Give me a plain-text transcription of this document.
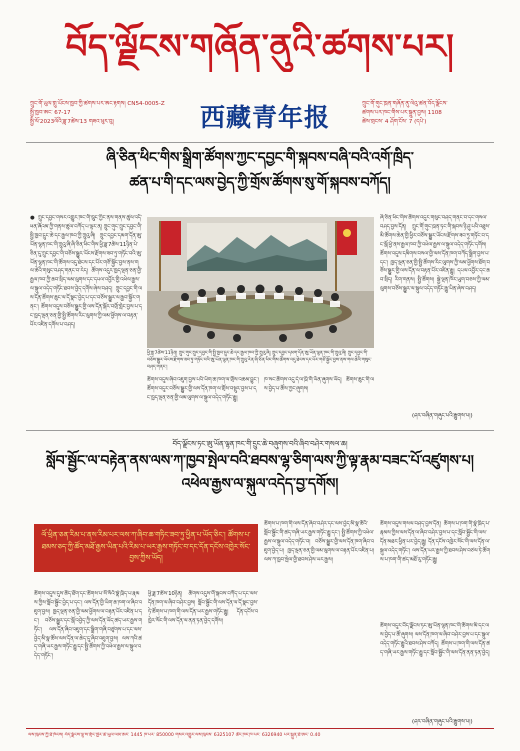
བོད་ལྗོངས་གཞོན་ནུའི་ཚགས་པར།
ཀྲུང་གོ་ཡུལ་གྲུ་ཡོངས་ཁྱབ་ཀྱི་ཚགས་པར་ཨང་རྟགས། CN54-0005-Z
སྤྱི་ཁྱབ་ཨང་ 67-17
སྤྱི་ལོ་2023ལོའི་ཟླ་7ཚེས་13 གཟའ་ཕུར་བུ།	西藏青年报	ཀྲུང་གོ་གུང་ཁྲན་གཞོན་ནུ་ལེའུ་ཚན་བོད་ལྗོངས་
ཚགས་པར་ཁང་གིས་པར་སྐྲུན་བྱས། 1108
ཚེས་གྲངས་ 4 ཤོག་ངོས་ 7 (དཔེ་)
ཞི་ཅིན་ཕིང་གིས་སྒྲིག་ཚོགས་ཀྱང་དབྱང་གི་སྐབས་བཞི་བའི་འགོ་ཁྲིད་
ཚན་པ་གི་དང་ལས་བྱེད་ཀྱི་གྲོས་ཚོགས་སུ་གོ་སྐབས་བཀོད།
● ཀྲུང་དབྱང་གསར་འགྱུར་ཁང་གི་ཁྲུང་ཀྱིང་ནས་གནས་ཚུལ་འདི་ཕན་ཞོའམ་ཀྱི་གནས་ཚུལ་བཀོད་པ་ལྟར་ན། ཀྲུང་གུང་ཀྲུང་དབྱང་གི་སྤྱི་ཁྱབ་དྲུང་ཆེ་དང་རྒྱལ་ཁབ་ཀྱི་ཀྲུའུ་ཞི། ཀྲུང་དབྱང་དམག་དོན་ཨུ་ཡོན་ལྷན་ཁང་གི་ཀྲུའུ་ཞི་ཞི་ཅིན་ཕིང་གིས་ཕྱི་ཟླ་7ཚེས་11ཉིན་པེ་ཅིན་དུ་ཀྲུང་དབྱང་གི་བཅོས་སྒྱུར་ཡོངས་རྫོགས་ཟབ་ཏུ་གཏོང་བའི་ཨུ་ཡོན་ལྷན་ཁང་གི་ཚོགས་འདུ་ཐེངས་དང་པོར་གཙོ་སྐྱོང་བྱས་ནས་གལ་ཆེའི་གསུང་བཤད་གནང་བ་རེད། ཚོགས་འདུར་ཁྱད་ལྡན་ཅན་གྱི་རྒྱལ་ཁབ་ཀྱི་ཆབ་སྲིད་ལམ་ལུགས་དང་དཔལ་འབྱོར་གྱི་འཕེལ་རྒྱས་ལ་སྐུལ་འདེད་གཏོང་ཐབས་བྱེད་དགོས་ཞེས་བཤད། ཀྲུང་དབྱང་གི་ལས་དོན་ཚོགས་ཆུང་ལ་དོ་སྣང་བྱེད་པ་དང་བཅོས་སྒྱུར་ལ་རྒྱབ་སྐྱོར་གནང་། ཚོགས་འདུས་བཅོས་སྒྱུར་གྱི་ལས་དོན་སྐོར་བགྲོ་གླེང་བྱས་པ་དང་ཁྱད་ལྡན་ཅན་གྱི་སྤྱི་ཚོགས་རིང་ལུགས་ཀྱི་ལམ་ཕྱོགས་ལ་བརྟན་པོར་འཛིན་དགོས་པ་བཤད།
ཕྱི་ཟླ་7ཚེས་11ཉིན། ཀྲུང་གུང་ཀྲུང་དབྱང་གི་སྤྱི་ཁྱབ་དྲུང་ཆེ་དང་རྒྱལ་ཁབ་ཀྱི་ཀྲུའུ་ཞི། ཀྲུང་དབྱང་དམག་དོན་ཨུ་ཡོན་ལྷན་ཁང་གི་ཀྲུའུ་ཞི། ཀྲུང་དབྱང་གི་བཅོས་སྒྱུར་ཡོངས་རྫོགས་ཟབ་ཏུ་གཏོང་བའི་ཨུ་ཡོན་ལྷན་ཁང་གི་ཀྲུའུ་རེན་ཞི་ཅིན་ཕིང་གིས་ཚོགས་འདུ་ཐེངས་དང་པོར་གཙོ་སྐྱོང་བྱས་ནས་གལ་ཆེའི་གསུང་བཤད་གནང་།
ཚོགས་འདུས་ཞིབ་འཇུག་བྱས་པའི་ཡིག་ཆ་ཁག་ལ་གྲོས་འཆམ་བྱུང་། ཚོགས་འདུར་བཅོས་སྒྱུར་གྱི་ལས་དོན་ཁག་ལ་གྲོས་བསྡུར་བྱས་པ་དང་ཁྱད་ལྡན་ཅན་གྱི་ལམ་ལུགས་ལ་སྐུལ་འདེད་གཏོང་རྒྱུ།
ཁ་སང་ཚོགས་འདུ་དེ་ལ་ཁྲི་གོ་ཡོན་ཞུགས་ཡོད། ཚོགས་ཆུང་གི་ལས་བྱེད་པ་ཚོས་ཀྱང་ཞུགས།
ཞི་ཅིན་ཕིང་གིས་ཚོགས་འདུར་གསུང་བཤད་གནང་བ་དང་གསལ་བཤད་བྱས་དོན། ཀྲུང་གོ་གུང་ཁྲན་ཏང་གི་སྐབས་ཉི་ཤུ་པའི་འཐུས་མི་ཚོགས་ཆེན་གྱི་ཕྱིར་བཅོས་སྒྱུར་ཡོངས་རྫོགས་ཟབ་ཏུ་གཏོང་བ་དང་སྒོ་ཕྱེ་ནས་རྒྱལ་ཁབ་ཀྱི་འཕེལ་རྒྱས་ལ་སྐུལ་འདེད་གཏོང་དགོས། ཚོགས་འདུས་དམིགས་བསལ་གྱི་ལས་དོན་ཁག་བཀོད་སྒྲིག་བྱས་པ་དང་། ཁྱད་ལྡན་ཅན་གྱི་སྤྱི་ཚོགས་རིང་ལུགས་ཀྱི་ལམ་ཕྱོགས་ཐོག་བཅོས་སྒྱུར་གྱི་ལས་དོན་ལ་བརྟན་པོར་འཛིན་རྒྱུ། དཔལ་འབྱོར་དང་ཆབ་སྲིད། རིག་གནས། སྤྱི་ཚོགས། སྐྱེ་ལྡན་ཁོར་ཡུག་བཅས་ཀྱི་ལམ་ལུགས་བཅོས་སྒྱུར་ལ་སྐུལ་འདེད་གཏོང་རྒྱུ་ཡིན་ཞེས་བཤད།
(ཤར་བཞིན་གཞུང་པའི་རྒྱུགས་པ།)
བོད་ལྗོངས་ཏང་ཨུ་ཡོན་ལྷན་ཁང་གི་དྲུང་ཆེ་བཞུགས་བའི་ཞིབ་བཤེར་གསལ་ཆ།
སློབ་སྦྱོང་ལ་བརྟེན་ནས་ལས་ཀ་ཁྱབ་སྤེལ་བའི་ཐབས་ལྷ་ཅིག་ལས་ཀྱི་ལྟ་རྣམ་བཟང་པོ་འཛུགས་པ།
འཕེལ་རྒྱས་ལ་སྐུལ་འདེད་བྱ་དགོས།
ལོ་ཕྲིན་ཅན་རིམ་པ་ནས་རིམ་པར་ལས་ཀ་ཞིབ་ཆ་གཏིང་ཟབ་ཏུ་ཕྱིན་པ་ཡོད་ཅིང་། ཚོགས་པ་ཐམས་ཅད་ཀྱི་ཚོད་མཐོ་རྒྱས་ཡིན་པའི་རིམ་པ་ཡར་རྒྱས་གཏོང་བ་དང་དོན་དངོས་འཁྱེར་སོང་བྱས་ཀྱིས་ཡོད།
ཚོགས་འདུས་དུས་ཚོད་ཐོག་དང་ཚོགས་པ་སོ་སོའི་སྣེ་ཁྲིད་པ་རྣམས་ཀྱིས་སློབ་སྦྱོང་བྱེད་པ་དང་། ལས་དོན་གྱི་ཡིག་ཆ་ཁག་ལ་ཞིབ་འཇུག་བྱས། ཁྱད་ལྡན་ཅན་གྱི་ལམ་ཕྱོགས་ལ་བརྟན་པོར་འཛིན་པ་དང་། བཅོས་སྒྱུར་དང་སྒོ་འབྱེད་ཀྱི་ལས་དོན་ཡོད་ཚད་ཡར་རྒྱས་གཏོང་། ལས་དོན་ཞིབ་འཇུག་དང་སྒྲིག་གཞི་བཙུགས་པ་དང་ལས་བྱེད་མི་སྣ་ཚོས་ལས་དོན་ལ་ཆེད་དུ་ཞིབ་འཇུག་བྱས། ལས་ཀའི་ཚད་གཞི་ཡར་རྒྱས་གཏོང་རྒྱུ་དང་སྤྱི་ཚོགས་ཀྱི་འཕེལ་རྒྱས་ལ་སྐུལ་འདེད་གཏོང་།
ཕྱི་ཟླ་7ཚེས་10ཉིན། ཚོགས་འདུས་གོ་སྐབས་བཀོད་པ་དང་ལས་དོན་ཁག་ལ་ཞིབ་བཤེར་བྱས། སློབ་སྦྱོང་གི་ལས་དོན་ལ་དོ་སྣང་བྱས་ཏེ་ཚོགས་པ་ཁག་གི་ལས་དོན་ཡར་རྒྱས་གཏོང་རྒྱུ། དོན་དངོས་འཁྱེར་སོང་གི་ལས་དོན་ལ་ནན་ཏན་བྱེད་དགོས།
ཚོགས་པ་ཁག་གི་ལས་དོན་ཞིབ་བཤེར་དང་ལས་བྱེད་མི་སྣ་ཚོའི་སློབ་སྦྱོང་གི་ཚད་གཞི་ཡར་རྒྱས་གཏོང་རྒྱུ་དང་། སྤྱི་ཚོགས་ཀྱི་འཕེལ་རྒྱས་ལ་སྐུལ་འདེད་གཏོང་བ། བཅོས་སྒྱུར་གྱི་ལས་དོན་ཁག་ཞིབ་འཇུག་བྱེད་པ། ཁྱད་ལྡན་ཅན་གྱི་ལམ་ལུགས་ལ་བརྟན་པོར་འཛིན་པ། ལས་ཀ་ཁྱབ་སྤེལ་གྱི་ཐབས་ཤེས་ཡར་རྒྱས།
ཚོགས་འདུས་གསལ་བཤད་བྱས་དོན། ཚོགས་པ་ཁག་གི་སྣེ་ཁྲིད་པ་རྣམས་ཀྱིས་ལས་དོན་ལ་ཞིབ་བཤེར་བྱས་པ་དང་སློབ་སྦྱོང་གི་ལས་དོན་མཐར་ཕྱིན་པར་བྱེད་རྒྱུ། དོན་དངོས་འཁྱེར་སོང་གི་ལས་དོན་ལ་སྐུལ་འདེད་གཏོང་། ལས་དོན་ཡར་རྒྱས་ཀྱི་ཐབས་ཤེས་བཙལ་ཏེ་ཚོགས་པ་ཁག་གི་ཚད་མཐོ་རུ་གཏོང་རྒྱུ།
ཚོགས་འདུར་བོད་ལྗོངས་ཏང་ཨུ་ཡོན་ལྷན་ཁང་གི་ཚོགས་མི་དང་ལས་བྱེད་པ་ཚོ་ཞུགས། ལས་དོན་ཁག་ལ་ཞིབ་བཤེར་བྱས་པ་དང་སྐུལ་འདེད་གཏོང་རྒྱུའི་ཐབས་ཤེས་བཀོད། ཚོགས་པ་ཁག་གི་ལས་དོན་ཚད་གཞི་ཡར་རྒྱས་གཏོང་རྒྱུ་དང་སློབ་སྦྱོང་གི་ལས་དོན་ནན་ཏན་བྱེད།
(ཤར་བཞིན་གཞུང་པའི་རྒྱུགས་པ།)
ལས་ཁུངས་ཀྱི་ཐོ་ཁོངས། བོད་ལྗོངས་ལྷ་ས་གྲོང་ཁྱེར་ཆེ་ཡུལ་ལམ་ཨང་ 1445 ཁ་པར་ 850000 གསར་འགྱུར་ལས་ཁུངས་ 6325107 ཚོང་ཁང་ཁ་པར་ 6326940 པར་སྐྲུན་ཐོ་ཨང་ 0.40
